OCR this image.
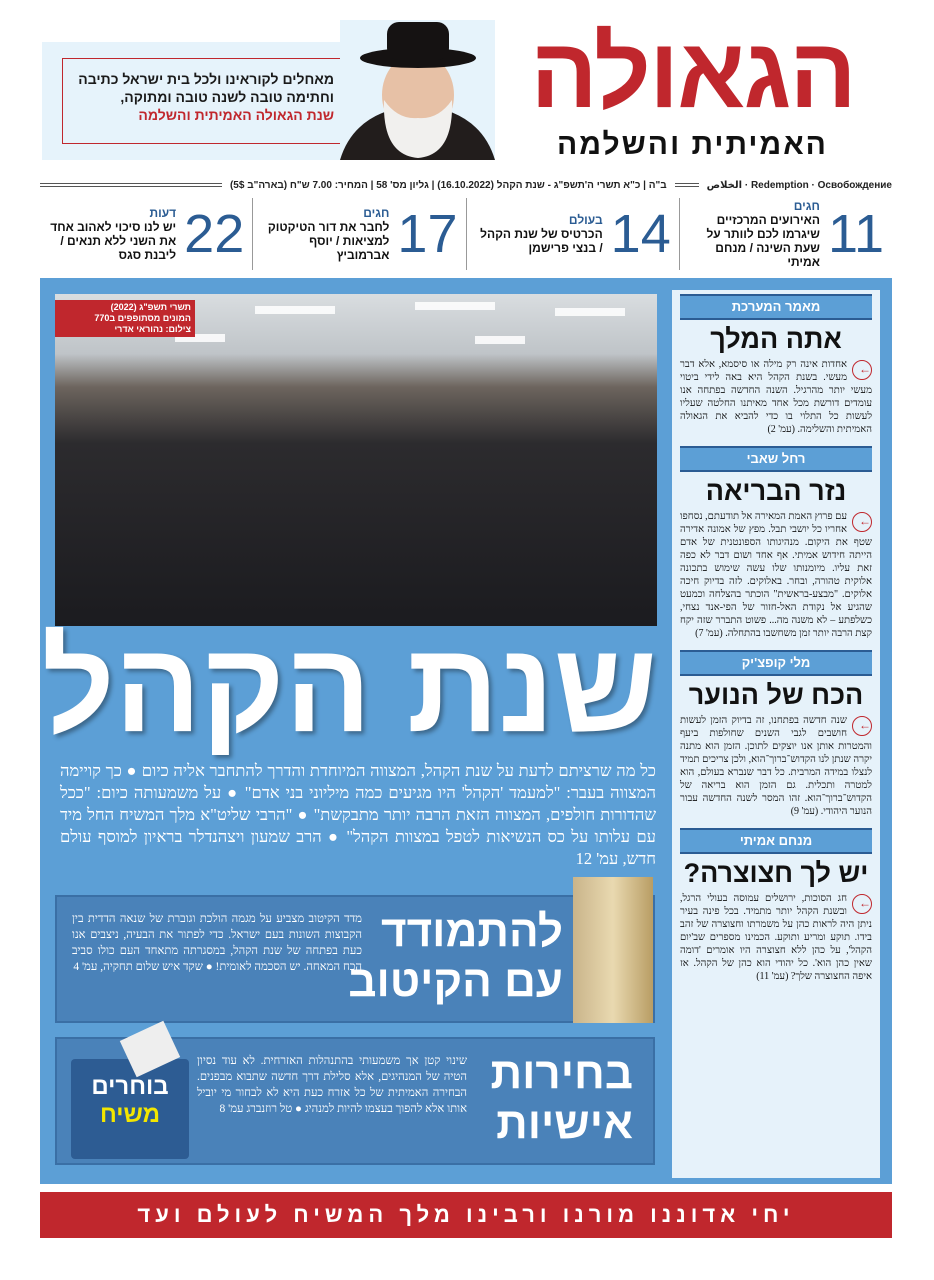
מאחלים לקוראינו ולכל בית ישראל כתיבה
וחתימה טובה לשנה טובה ומתוקה,
שנת הגאולה האמיתית והשלמה	הגאולה
האמיתית והשלמה
الخلاص · Redemption · Освобождение
ב"ה | כ"א תשרי ה'תשפ"ג - שנת הקהל (16.10.2022) | גליון מס' 58 | המחיר: 7.00 ש"ח (בארה"ב 5$)
11
חגים
האירועים המרכזיים שיגרמו לכם לוותר על שעת השינה / מנחם אמיתי
14
בעולם
הכרטיס של שנת הקהל / בנצי פרישמן
17
חגים
לחבר את דור הטיקטוק למציאות / יוסף אברמוביץ
22
דעות
יש לנו סיכוי לאהוב אחד את השני ללא תנאים / ליבנת סגס
תשרי תשפ"ג (2022)
המונים מסתופפים ב770
צילום: נהוראי אדרי
שנת הקהל
כל מה שרציתם לדעת על שנת הקהל, המצווה המיוחדת והדרך להתחבר אליה כיום ● כך קויימה המצווה בעבר: "למעמד 'הקהל' היו מגיעים כמה מיליוני בני אדם" ● על משמעותה כיום: "ככל שהדורות חולפים, המצווה הזאת הרבה יותר מתבקשת" ● "הרבי שליט"א מלך המשיח החל מיד עם עלותו על כס הנשיאות לטפל במצוות הקהל" ● הרב שמעון ויצהנדלר בראיון למוסף עולם חדש, עמ' 12
להתמודד
עם הקיטוב
מדד הקיטוב מצביע על מגמה הולכת וגוברת של שנאה הדדית בין הקבוצות השונות בעם ישראל. כדי לפתור את הבעיה, ניצבים אנו כעת בפתחה של שנת הקהל, במסגרתה מתאחד העם כולו סביב הכח המאחה. יש הסכמה לאומית! ● שקד איש שלום תחקיה, עמ' 4
בוחרים
משיח
בחירות
אישיות
שינוי קטן אך משמעותי בהתנהלות האזרחית. לא עוד נסיון הטיה של המנהיגים, אלא סלילת דרך חדשה שתבוא מבפנים. הבחירה האמיתית של כל אזרח כעת היא לא לבחור מי יוביל אותו אלא להפוך בעצמו להיות למנהיג ● טל רוזנברג עמ' 8
מאמר המערכת
אתה המלך
←
אחדות אינה רק מילה או סיסמא, אלא דבר מעשי. בשנת הקהל היא באה לידי ביטוי מעשי יותר מהרגיל. השנה החדשה בפתחה אנו עומדים דורשת מכל אחד מאיתנו החלטה שעליו לעשות כל התלוי בו כדי להביא את הגאולה האמיתית והשלימה. (עמ' 2)
רחל שאבי
נזר הבריאה
←
עם פרוץ האמת המאירה אל תודעתם, נסחפו אחריו כל יושבי תבל. מפץ של אמונה אדירה שטף את היקום. מנהיגותו הספונטנית של אדם הייתה חידוש אמיתי. אף אחד ושום דבר לא כפה זאת עליו. מיומנותו שלו עשה שימוש בתכונה אלוקית טהורה, ובחר. באלוקים. לזה בדיוק חיכה אלוקים. "מבצע-בראשית" הוכתר בהצלחה וכמעט שהגיע אל נקודת האל-חזור של הפי-אנד נצחי, כשלפתע – לא משנה מה... פשוט התברר שזה יקח קצת הרבה יותר זמן משחשבו בהתחלה. (עמ' 7)
מלי קופצ'יק
הכח של הנוער
←
שנה חדשה בפתחנו, זה בדיוק הזמן לעשות חושבים לגבי השנים שחולפות ביעף והמטרות אותן אנו יוצקים לתוכן. הזמן הוא מתנה יקרה שנתן לנו הקדוש־ברוך־הוא, ולכן צריכים תמיד לנצלו במידה המרבית. כל דבר שנברא בעולם, הוא למטרה ותכלית. גם הזמן הוא בריאה של הקדוש־ברוך־הוא. זהו המסר לשנה החדשה עבור הנוער היהודי. (עמ' 9)
מנחם אמיתי
יש לך חצוצרה?
←
חג הסוכות, ירושלים עמוסה בעולי הרגל, ובשנת הקהל יותר מתמיד. בכל פינה בעיר ניתן היה לראות כהן על משמרתו וחצוצרה של זהב בידו. תוקע ומריע ותוקע. הכמינו מספרים שב'יום הקהל', על כהן ללא חצוצרה היו אומרים 'דומה שאין כהן הוא'. כל יהודי הוא כהן של הקהל. אז איפה החצוצרה שלך? (עמ' 11)
יחי אדוננו מורנו ורבינו מלך המשיח לעולם ועד
